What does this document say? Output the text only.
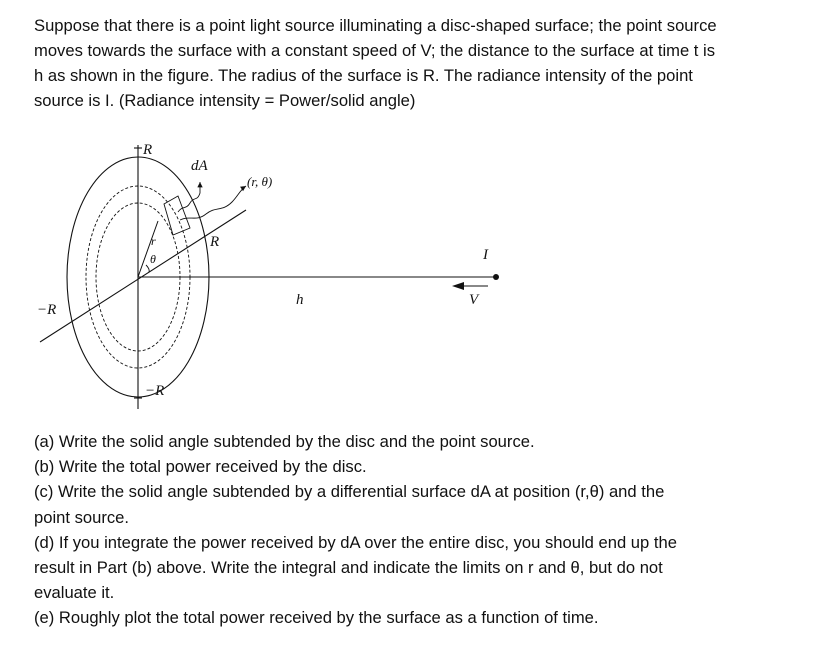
Suppose that there is a point light source illuminating a disc-shaped surface; the point source

moves towards the surface with a constant speed of V; the distance to the surface at time t is

h as shown in the figure. The radius of the surface is R. The radiance intensity of the point

source is I. (Radiance intensity = Power/solid angle)

R
dA
(r, θ)
R
r
θ	I
h	V
−R
−R

(a) Write the solid angle subtended by the disc and the point source.

(b) Write the total power received by the disc.

(c) Write the solid angle subtended by a differential surface dA at position (r,θ) and the

point source.

(d) If you integrate the power received by dA over the entire disc, you should end up the

result in Part (b) above. Write the integral and indicate the limits on r and θ, but do not

evaluate it.

(e) Roughly plot the total power received by the surface as a function of time.
